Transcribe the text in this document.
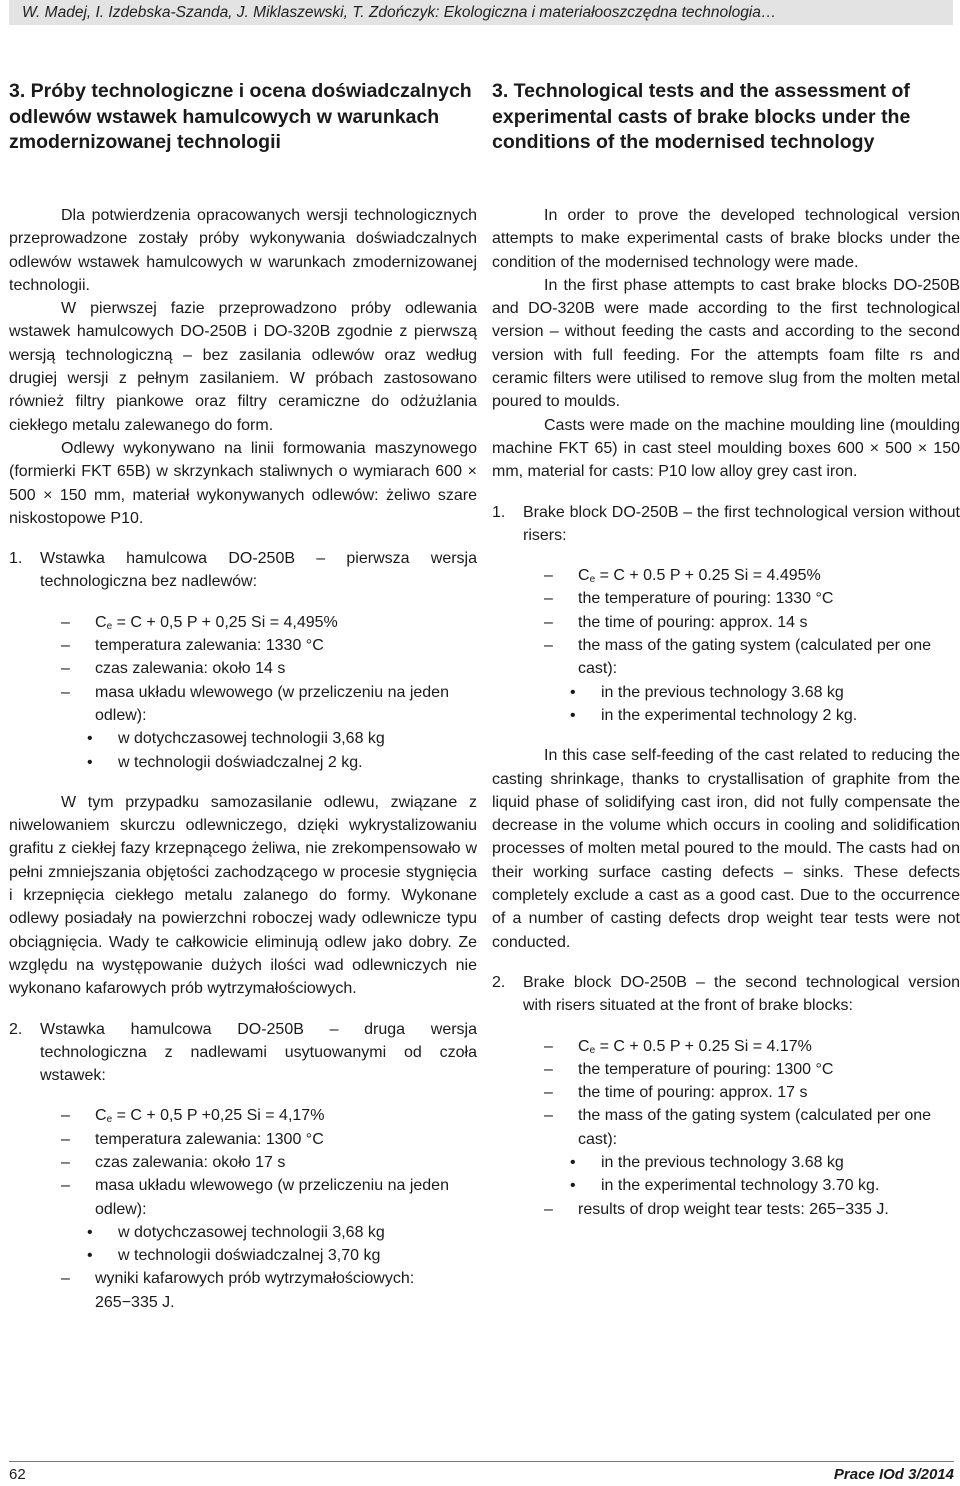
W. Madej, I. Izdebska-Szanda, J. Miklaszewski, T. Zdończyk: Ekologiczna i materiałooszczędna technologia…
3. Próby technologiczne i ocena doświadczalnych odlewów wstawek hamulcowych w warunkach zmodernizowanej technologii

Dla potwierdzenia opracowanych wersji technologicznych przeprowadzone zostały próby wykonywania doświadczalnych odlewów wstawek hamulcowych w warunkach zmodernizowanej technologii.

W pierwszej fazie przeprowadzono próby odlewania wstawek hamulcowych DO-250B i DO-320B zgodnie z pierwszą wersją technologiczną – bez zasilania odlewów oraz według drugiej wersji z pełnym zasilaniem. W próbach zastosowano również filtry piankowe oraz filtry ceramiczne do odżużlania ciekłego metalu zalewanego do form.

Odlewy wykonywano na linii formowania maszynowego (formierki FKT 65B) w skrzynkach staliwnych o wymiarach 600 × 500 × 150 mm, materiał wykonywanych odlewów: żeliwo szare niskostopowe P10.

1.	Wstawka hamulcowa DO-250B – pierwsza wersja technologiczna bez nadlewów:
– $C_e = C + 0,5$ P + 0,25 Si = 4,495%
– temperatura zalewania: 1330 °C
– czas zalewania: około 14 s
– masa układu wlewowego (w przeliczeniu na jeden odlew):
• w dotychczasowej technologii 3,68 kg
• w technologii doświadczalnej 2 kg.

W tym przypadku samozasilanie odlewu, związane z niwelowaniem skurczu odlewniczego, dzięki wykrystalizowaniu grafitu z ciekłej fazy krzepnącego żeliwa, nie zrekompensowało w pełni zmniejszania objętości zachodzącego w procesie stygnięcia i krzepnięcia ciekłego metalu zalanego do formy. Wykonane odlewy posiadały na powierzchni roboczej wady odlewnicze typu obciągnięcia. Wady te całkowicie eliminują odlew jako dobry. Ze względu na występowanie dużych ilości wad odlewniczych nie wykonano kafarowych prób wytrzymałościowych.

2.	Wstawka hamulcowa DO-250B – druga wersja technologiczna z nadlewami usytuowanymi od czoła wstawek:
– $C_e = C + 0,5$ P +0,25 Si = 4,17%
– temperatura zalewania: 1300 °C
– czas zalewania: około 17 s
– masa układu wlewowego (w przeliczeniu na jeden odlew):
• w dotychczasowej technologii 3,68 kg
• w technologii doświadczalnej 3,70 kg
– wyniki kafarowych prób wytrzymałościowych: 265−335 J.
3. Technological tests and the assessment of experimental casts of brake blocks under the conditions of the modernised technology

In order to prove the developed technological version attempts to make experimental casts of brake blocks under the condition of the modernised technology were made.

In the first phase attempts to cast brake blocks DO-250B and DO-320B were made according to the first technological version – without feeding the casts and according to the second version with full feeding. For the attempts foam filte rs and ceramic filters were utilised to remove slug from the molten metal poured to moulds.

Casts were made on the machine moulding line (moulding machine FKT 65) in cast steel moulding boxes 600 × 500 × 150 mm, material for casts: P10 low alloy grey cast iron.

1.	Brake block DO-250B – the first technological version without risers:
– $C_e = C + 0.5$ P + 0.25 Si = 4.495%
– the temperature of pouring: 1330 °C
– the time of pouring: approx. 14 s
– the mass of the gating system (calculated per one cast):
• in the previous technology 3.68 kg
• in the experimental technology 2 kg.

In this case self-feeding of the cast related to reducing the casting shrinkage, thanks to crystallisation of graphite from the liquid phase of solidifying cast iron, did not fully compensate the decrease in the volume which occurs in cooling and solidification processes of molten metal poured to the mould. The casts had on their working surface casting defects – sinks. These defects completely exclude a cast as a good cast. Due to the occurrence of a number of casting defects drop weight tear tests were not conducted.

2.	Brake block DO-250B – the second technological version with risers situated at the front of brake blocks:
– $C_e = C + 0.5$ P + 0.25 Si = 4.17%
– the temperature of pouring: 1300 °C
– the time of pouring: approx. 17 s
– the mass of the gating system (calculated per one cast):
• in the previous technology 3.68 kg
• in the experimental technology 3.70 kg.
– results of drop weight tear tests: 265−335 J.
62	Prace IOd 3/2014
